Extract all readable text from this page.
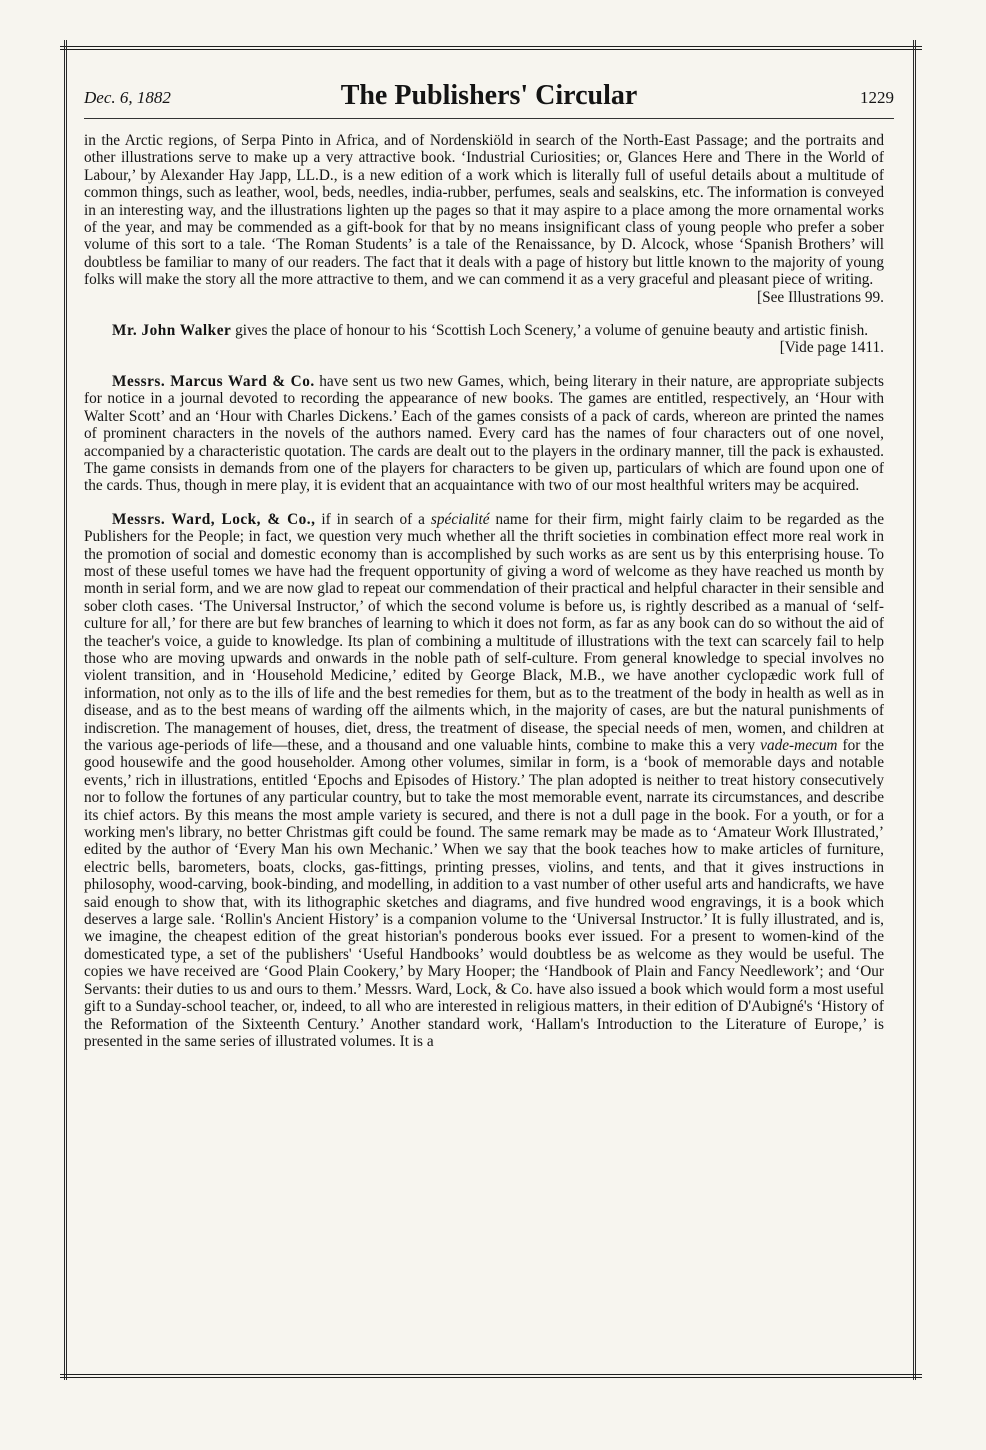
Dec. 6, 1882	The Publishers' Circular	1229

in the Arctic regions, of Serpa Pinto in Africa, and of Nordenskiöld in search of the North-East Passage; and the portraits and other illustrations serve to make up a very attractive book. ‘Industrial Curiosities; or, Glances Here and There in the World of Labour,’ by Alexander Hay Japp, LL.D., is a new edition of a work which is literally full of useful details about a multitude of common things, such as leather, wool, beds, needles, india-rubber, perfumes, seals and sealskins, etc. The information is conveyed in an interesting way, and the illustrations lighten up the pages so that it may aspire to a place among the more ornamental works of the year, and may be commended as a gift-book for that by no means insignificant class of young people who prefer a sober volume of this sort to a tale. ‘The Roman Students’ is a tale of the Renaissance, by D. Alcock, whose ‘Spanish Brothers’ will doubtless be familiar to many of our readers. The fact that it deals with a page of history but little known to the majority of young folks will make the story all the more attractive to them, and we can commend it as a very graceful and pleasant piece of writing.

[See Illustrations 99.

Mr. John Walker gives the place of honour to his ‘Scottish Loch Scenery,’ a volume of genuine beauty and artistic finish.

[Vide page 1411.

Messrs. Marcus Ward & Co. have sent us two new Games, which, being literary in their nature, are appropriate subjects for notice in a journal devoted to recording the appearance of new books. The games are entitled, respectively, an ‘Hour with Walter Scott’ and an ‘Hour with Charles Dickens.’ Each of the games consists of a pack of cards, whereon are printed the names of prominent characters in the novels of the authors named. Every card has the names of four characters out of one novel, accompanied by a characteristic quotation. The cards are dealt out to the players in the ordinary manner, till the pack is exhausted. The game consists in demands from one of the players for characters to be given up, particulars of which are found upon one of the cards. Thus, though in mere play, it is evident that an acquaintance with two of our most healthful writers may be acquired.

Messrs. Ward, Lock, & Co., if in search of a spécialité name for their firm, might fairly claim to be regarded as the Publishers for the People; in fact, we question very much whether all the thrift societies in combination effect more real work in the promotion of social and domestic economy than is accomplished by such works as are sent us by this enterprising house. To most of these useful tomes we have had the frequent opportunity of giving a word of welcome as they have reached us month by month in serial form, and we are now glad to repeat our commendation of their practical and helpful character in their sensible and sober cloth cases. ‘The Universal Instructor,’ of which the second volume is before us, is rightly described as a manual of ‘self-culture for all,’ for there are but few branches of learning to which it does not form, as far as any book can do so without the aid of the teacher's voice, a guide to knowledge. Its plan of combining a multitude of illustrations with the text can scarcely fail to help those who are moving upwards and onwards in the noble path of self-culture. From general knowledge to special involves no violent transition, and in ‘Household Medicine,’ edited by George Black, M.B., we have another cyclopædic work full of information, not only as to the ills of life and the best remedies for them, but as to the treatment of the body in health as well as in disease, and as to the best means of warding off the ailments which, in the majority of cases, are but the natural punishments of indiscretion. The management of houses, diet, dress, the treatment of disease, the special needs of men, women, and children at the various age-periods of life—these, and a thousand and one valuable hints, combine to make this a very vade-mecum for the good housewife and the good householder. Among other volumes, similar in form, is a ‘book of memorable days and notable events,’ rich in illustrations, entitled ‘Epochs and Episodes of History.’ The plan adopted is neither to treat history consecutively nor to follow the fortunes of any particular country, but to take the most memorable event, narrate its circumstances, and describe its chief actors. By this means the most ample variety is secured, and there is not a dull page in the book. For a youth, or for a working men's library, no better Christmas gift could be found. The same remark may be made as to ‘Amateur Work Illustrated,’ edited by the author of ‘Every Man his own Mechanic.’ When we say that the book teaches how to make articles of furniture, electric bells, barometers, boats, clocks, gas-fittings, printing presses, violins, and tents, and that it gives instructions in philosophy, wood-carving, book-binding, and modelling, in addition to a vast number of other useful arts and handicrafts, we have said enough to show that, with its lithographic sketches and diagrams, and five hundred wood engravings, it is a book which deserves a large sale. ‘Rollin's Ancient History’ is a companion volume to the ‘Universal Instructor.’ It is fully illustrated, and is, we imagine, the cheapest edition of the great historian's ponderous books ever issued. For a present to women-kind of the domesticated type, a set of the publishers' ‘Useful Handbooks’ would doubtless be as welcome as they would be useful. The copies we have received are ‘Good Plain Cookery,’ by Mary Hooper; the ‘Handbook of Plain and Fancy Needlework’; and ‘Our Servants: their duties to us and ours to them.’ Messrs. Ward, Lock, & Co. have also issued a book which would form a most useful gift to a Sunday-school teacher, or, indeed, to all who are interested in religious matters, in their edition of D'Aubigné's ‘History of the Reformation of the Sixteenth Century.’ Another standard work, ‘Hallam's Introduction to the Literature of Europe,’ is presented in the same series of illustrated volumes. It is a
